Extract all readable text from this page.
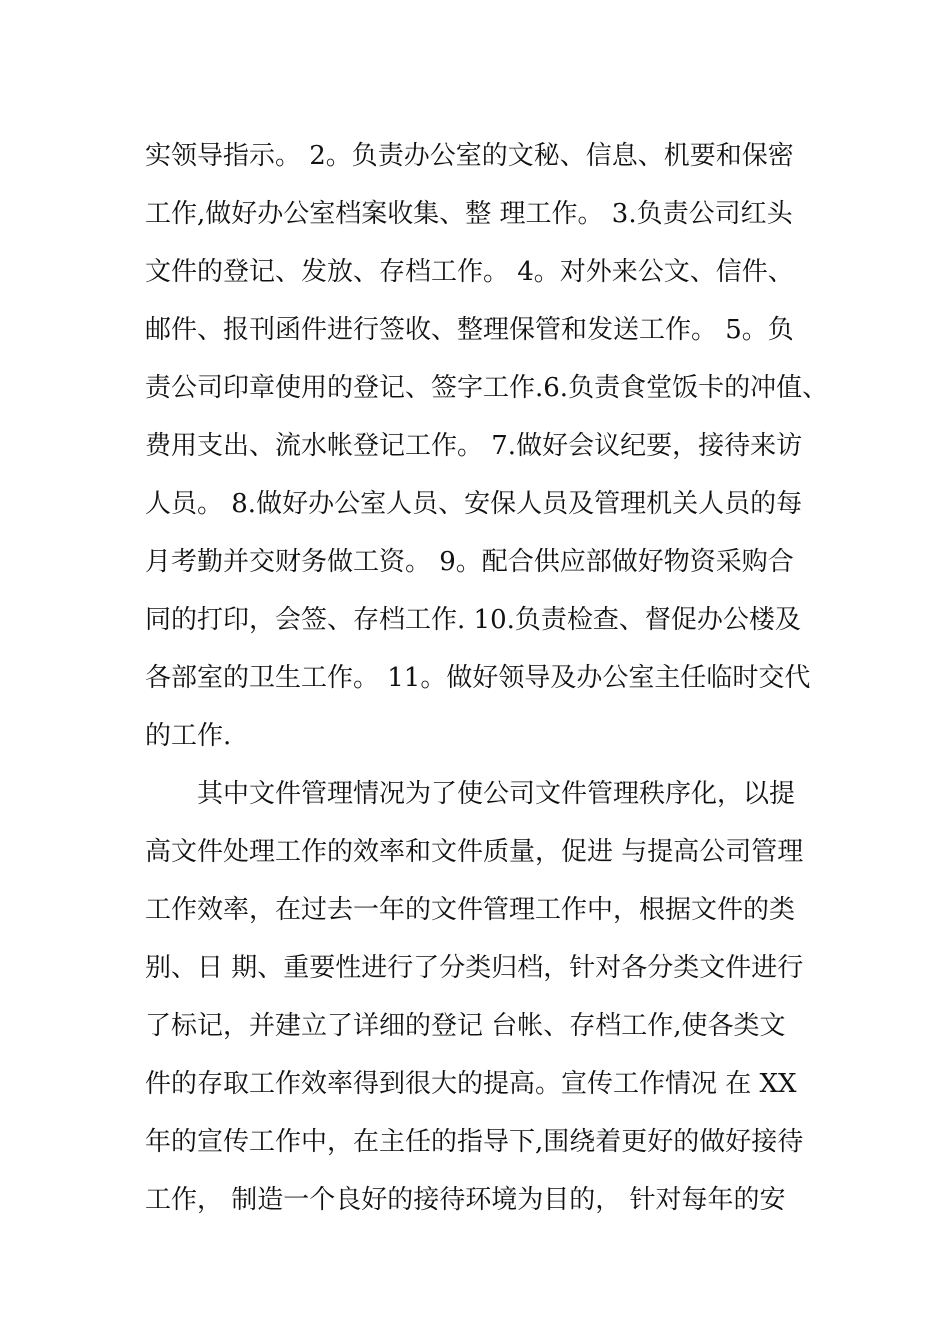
实领导指示。 2。负责办公室的文秘、信息、机要和保密
工作,做好办公室档案收集、整 理工作。 3.负责公司红头
文件的登记、发放、存档工作。 4。对外来公文、信件、
邮件、报刊函件进行签收、整理保管和发送工作。 5。负
责公司印章使用的登记、签字工作.6.负责食堂饭卡的冲值、
费用支出、流水帐登记工作。 7.做好会议纪要，接待来访
人员。 8.做好办公室人员、安保人员及管理机关人员的每
月考勤并交财务做工资。 9。配合供应部做好物资采购合
同的打印，会签、存档工作. 10.负责检查、督促办公楼及
各部室的卫生工作。 11。做好领导及办公室主任临时交代
的工作.
　　其中文件管理情况为了使公司文件管理秩序化，以提
高文件处理工作的效率和文件质量，促进 与提高公司管理
工作效率，在过去一年的文件管理工作中，根据文件的类
别、日 期、重要性进行了分类归档，针对各分类文件进行
了标记，并建立了详细的登记 台帐、存档工作,使各类文
件的存取工作效率得到很大的提高。宣传工作情况 在 XX
年的宣传工作中，在主任的指导下,围绕着更好的做好接待
工作， 制造一个良好的接待环境为目的， 针对每年的安
